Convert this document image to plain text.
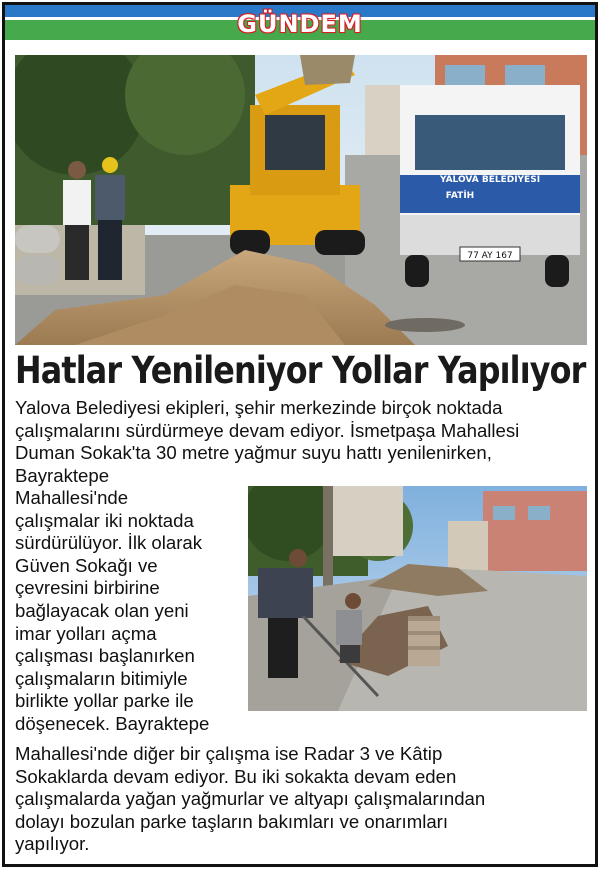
GÜNDEM
YALOVA BELEDİYESİ
FATİH
77 AY 167
Hatlar Yenileniyor Yollar Yapılıyor
Yalova Belediyesi ekipleri, şehir merkezinde birçok noktada
çalışmalarını sürdürmeye devam ediyor. İsmetpaşa Mahallesi
Duman Sokak'ta 30 metre yağmur suyu hattı yenilenirken,
Bayraktepe
Mahallesi'nde
çalışmalar iki noktada
sürdürülüyor. İlk olarak
Güven Sokağı ve
çevresini birbirine
bağlayacak olan yeni
imar yolları açma
çalışması başlanırken
çalışmaların bitimiyle
birlikte yollar parke ile
döşenecek. Bayraktepe
Mahallesi'nde diğer bir çalışma ise Radar 3 ve Kâtip
Sokaklarda devam ediyor. Bu iki sokakta devam eden
çalışmalarda yağan yağmurlar ve altyapı çalışmalarından
dolayı bozulan parke taşların bakımları ve onarımları
yapılıyor.
